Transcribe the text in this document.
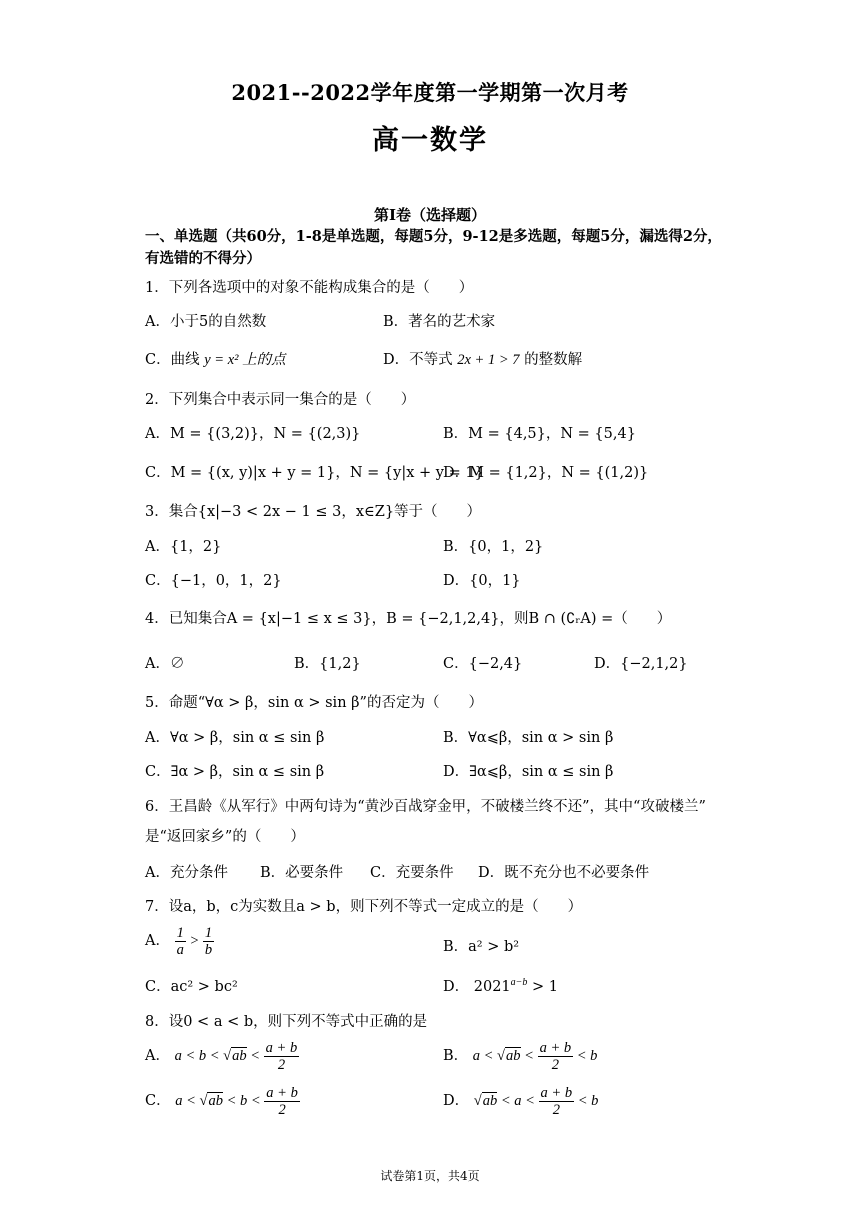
2021--2022学年度第一学期第一次月考
高一数学
第Ⅰ卷（选择题）
一、单选题（共60分，1-8是单选题，每题5分，9-12是多选题，每题5分，漏选得2分，有选错的不得分）
1．下列各选项中的对象不能构成集合的是（　　）
A．小于5的自然数	B．著名的艺术家
C．曲线 y = x² 上的点	D．不等式 2x + 1 > 7 的整数解
2．下列集合中表示同一集合的是（　　）
A．M = {(3,2)}，N = {(2,3)}	B．M = {4,5}，N = {5,4}
C．M = {(x, y)|x + y = 1}，N = {y|x + y = 1}
D．M = {1,2}，N = {(1,2)}
3．集合{x|−3 < 2x − 1 ≤ 3，x∈Z}等于（　　）
A．{1，2}	B．{0，1，2}
C．{−1，0，1，2}	D．{0，1}
4．已知集合A = {x|−1 ≤ x ≤ 3}，B = {−2,1,2,4}，则B ∩ (∁ᵣA) =（　　）
A．∅	B．{1,2}	C．{−2,4}	D．{−2,1,2}
5．命题“∀α > β，sin α > sin β”的否定为（　　）
A．∀α > β，sin α ≤ sin β	B．∀α⩽β，sin α > sin β
C．∃α > β，sin α ≤ sin β	D．∃α⩽β，sin α ≤ sin β
6．王昌龄《从军行》中两句诗为“黄沙百战穿金甲，不破楼兰终不还”，其中“攻破楼兰”
是“返回家乡”的（　　）
A．充分条件 B．必要条件 C．充要条件 D．既不充分也不必要条件
7．设a，b，c为实数且a > b，则下列不等式一定成立的是（　　）
A． $\frac{1}{a} > \frac{1}{b}$	B．a² > b²
C．ac² > bc²	D． $2021^{a-b} > 1$
8．设0 < a < b，则下列不等式中正确的是
A． $a < b < √ab < \frac{a + b}{2}$	B． $a < √ab < \frac{a + b}{2} < b$
C． $a < √ab < b < \frac{a + b}{2}$	D． $√ab < a < \frac{a + b}{2} < b$
试卷第1页，共4页
